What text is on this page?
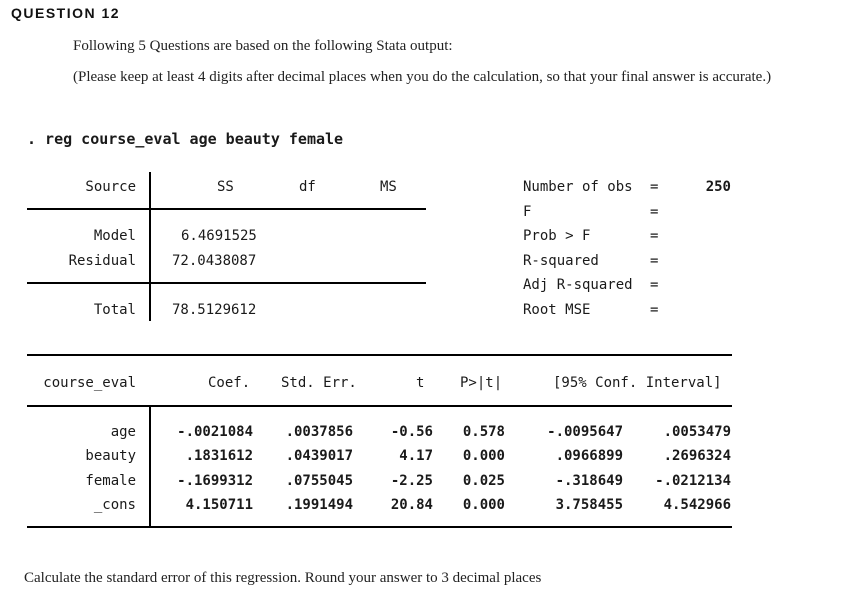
QUESTION 12
Following 5 Questions are based on the following Stata output:
(Please keep at least 4 digits after decimal places when you do the calculation, so that your final answer is accurate.)
. reg course_eval age beauty female
Source	SS	df	MS
Model	6.4691525
Residual	72.0438087
Total	78.5129612
Number of obs =	250
F	=
Prob > F	=
R-squared	=
Adj R-squared =
Root MSE	=
course_eval	Coef. Std. Err.	t	P>|t|	[95% Conf. Interval]
age	-.0021084	.0037856	-0.56	0.578	-.0095647	.0053479
beauty	.1831612	.0439017	4.17	0.000	.0966899	.2696324
female	-.1699312	.0755045	-2.25	0.025	-.318649	-.0212134
_cons	4.150711	.1991494	20.84	0.000	3.758455	4.542966
Calculate the standard error of this regression. Round your answer to 3 decimal places
